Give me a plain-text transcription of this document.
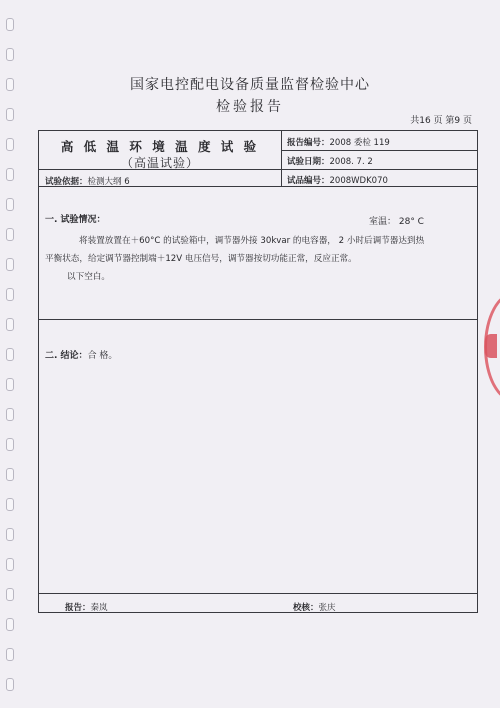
国家电控配电设备质量监督检验中心
检验报告
共16 页 第9 页
高 低 温 环 境 温 度 试 验
（高温试验）
报告编号：2008 委检 119
试验日期：2008. 7. 2
试品编号：2008WDK070
试验依据：检测大纲 6
一. 试验情况：	室温： 28° C

将装置放置在＋60°C 的试验箱中，调节器外接 30kvar 的电容器， 2 小时后调节器达到热

平衡状态，给定调节器控制端＋12V 电压信号，调节器按切功能正常，反应正常。

以下空白。

二. 结论：合 格。
报告：秦岚	校核：张庆
